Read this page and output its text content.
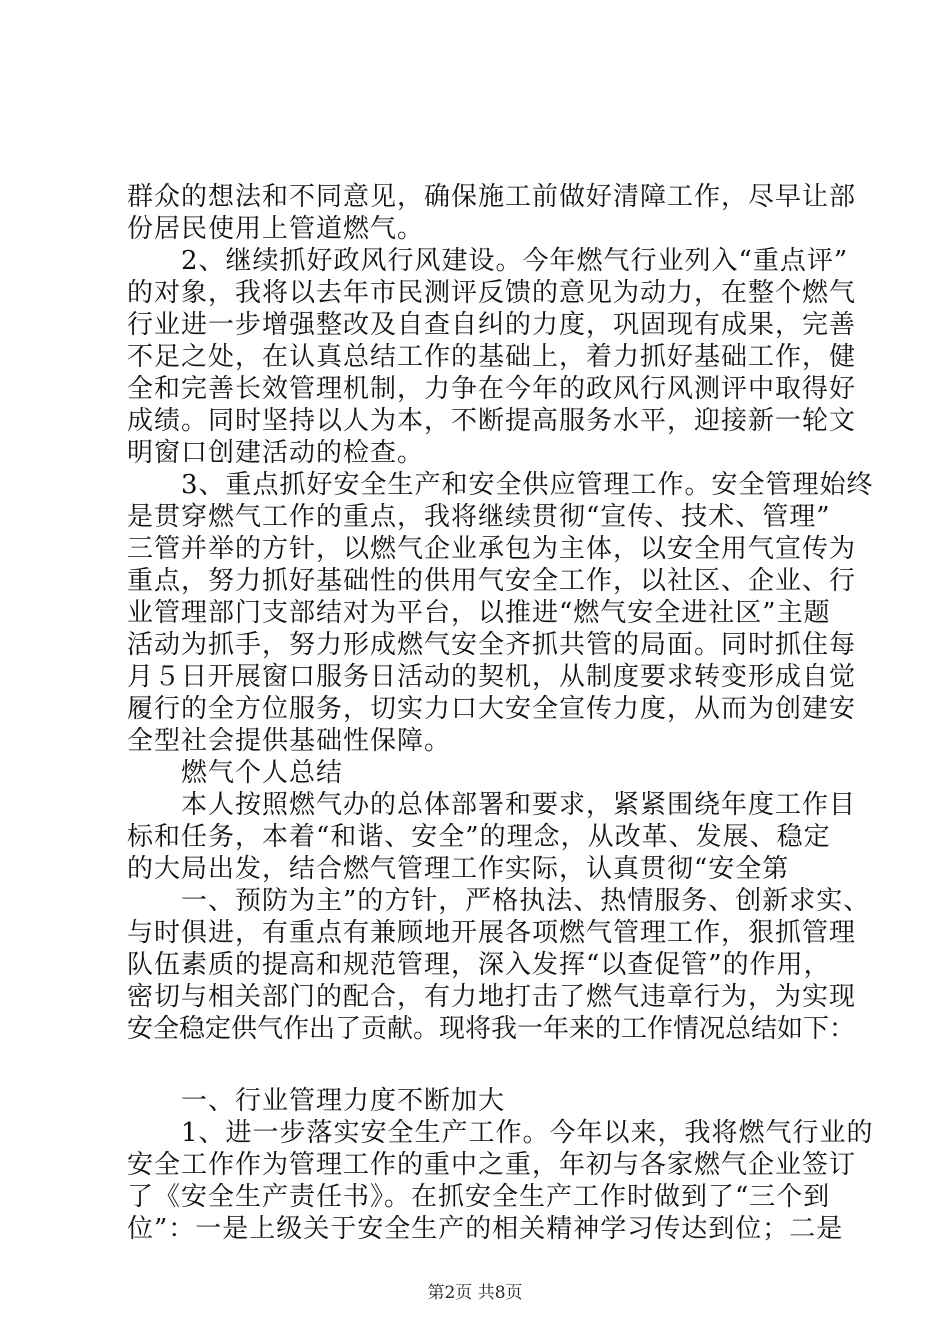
群众的想法和不同意见，确保施工前做好清障工作，尽早让部

份居民使用上管道燃气。

　　2、继续抓好政风行风建设。今年燃气行业列入“重点评”

的对象，我将以去年市民测评反馈的意见为动力，在整个燃气

行业进一步增强整改及自查自纠的力度，巩固现有成果，完善

不足之处，在认真总结工作的基础上，着力抓好基础工作，健

全和完善长效管理机制，力争在今年的政风行风测评中取得好

成绩。同时坚持以人为本，不断提高服务水平，迎接新一轮文

明窗口创建活动的检查。

　　3、重点抓好安全生产和安全供应管理工作。安全管理始终

是贯穿燃气工作的重点，我将继续贯彻“宣传、技术、管理”

三管并举的方针，以燃气企业承包为主体，以安全用气宣传为

重点，努力抓好基础性的供用气安全工作，以社区、企业、行

业管理部门支部结对为平台，以推进“燃气安全进社区”主题

活动为抓手，努力形成燃气安全齐抓共管的局面。同时抓住每

月５日开展窗口服务日活动的契机，从制度要求转变形成自觉

履行的全方位服务，切实力口大安全宣传力度，从而为创建安

全型社会提供基础性保障。

　　燃气个人总结

　　本人按照燃气办的总体部署和要求，紧紧围绕年度工作目

标和任务，本着“和谐、安全”的理念，从改革、发展、稳定

的大局出发，结合燃气管理工作实际，认真贯彻“安全第

　　一、预防为主”的方针，严格执法、热情服务、创新求实、

与时俱进，有重点有兼顾地开展各项燃气管理工作，狠抓管理

队伍素质的提高和规范管理，深入发挥“以查促管”的作用，

密切与相关部门的配合，有力地打击了燃气违章行为，为实现

安全稳定供气作出了贡献。现将我一年来的工作情况总结如下：

　　一、行业管理力度不断加大

　　1、进一步落实安全生产工作。今年以来，我将燃气行业的

安全工作作为管理工作的重中之重，年初与各家燃气企业签订

了《安全生产责任书》。在抓安全生产工作时做到了“三个到

位”：一是上级关于安全生产的相关精神学习传达到位；二是

第2页 共8页
